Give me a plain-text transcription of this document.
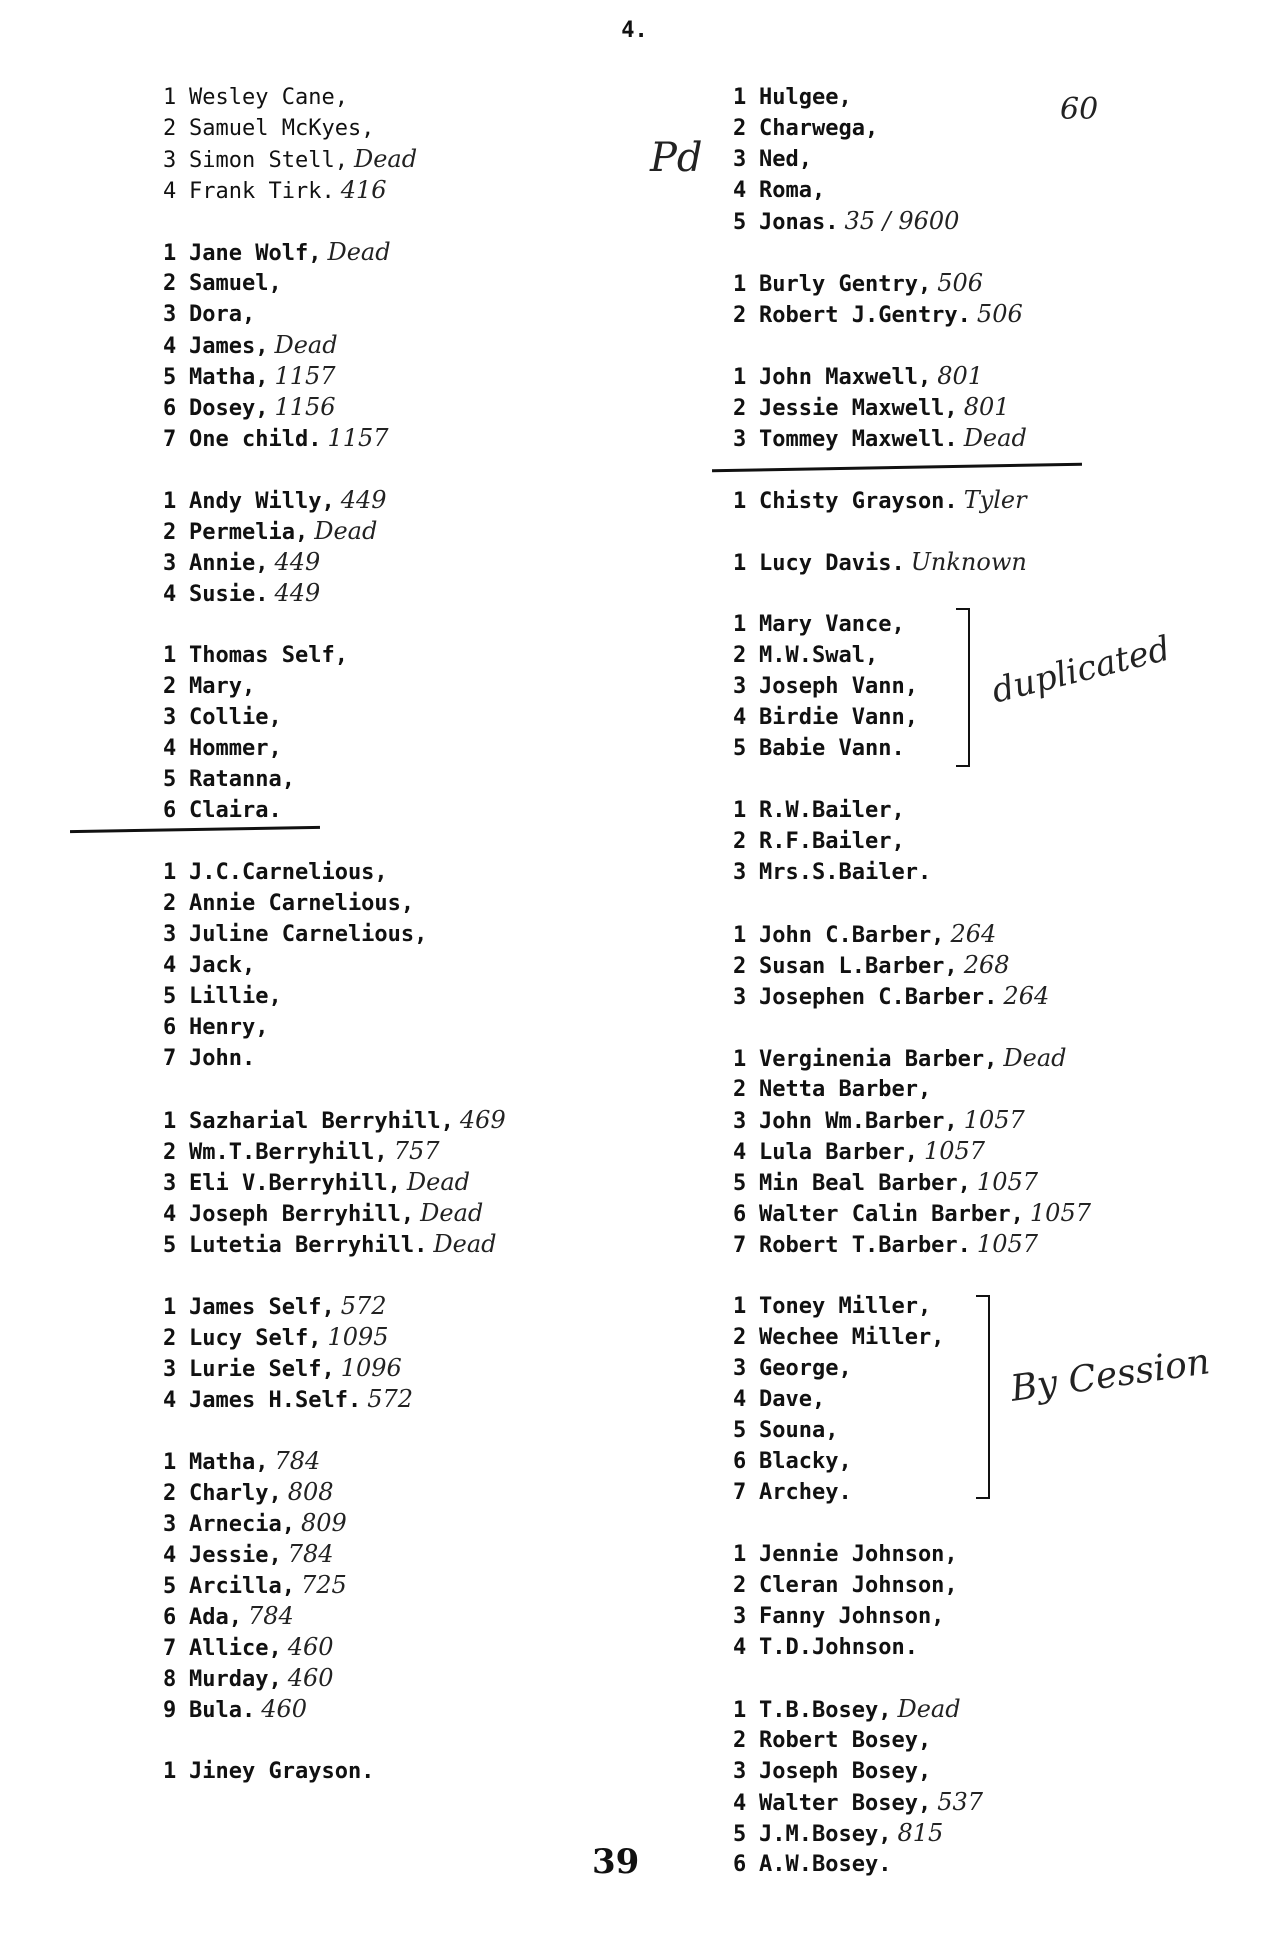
4.
60
Pd
duplicated
By Cession
1 Wesley Cane,
2 Samuel McKyes,
3 Simon Stell, Dead
4 Frank Tirk. 416
1 Jane Wolf, Dead
2 Samuel,
3 Dora,
4 James, Dead
5 Matha, 1157
6 Dosey, 1156
7 One child. 1157
1 Andy Willy, 449
2 Permelia, Dead
3 Annie, 449
4 Susie. 449
1 Thomas Self,
2 Mary,
3 Collie,
4 Hommer,
5 Ratanna,
6 Claira.
1 J.C.Carnelious,
2 Annie Carnelious,
3 Juline Carnelious,
4 Jack,
5 Lillie,
6 Henry,
7 John.
1 Sazharial Berryhill, 469
2 Wm.T.Berryhill, 757
3 Eli V.Berryhill, Dead
4 Joseph Berryhill, Dead
5 Lutetia Berryhill. Dead
1 James Self, 572
2 Lucy Self, 1095
3 Lurie Self, 1096
4 James H.Self. 572
1 Matha, 784
2 Charly, 808
3 Arnecia, 809
4 Jessie, 784
5 Arcilla, 725
6 Ada, 784
7 Allice, 460
8 Murday, 460
9 Bula. 460
1 Jiney Grayson.
1 Hulgee,
2 Charwega,
3 Ned,
4 Roma,
5 Jonas. 35 / 9600
1 Burly Gentry, 506
2 Robert J.Gentry. 506
1 John Maxwell, 801
2 Jessie Maxwell, 801
3 Tommey Maxwell. Dead
1 Chisty Grayson. Tyler
1 Lucy Davis. Unknown
1 Mary Vance,
2 M.W.Swal,
3 Joseph Vann,
4 Birdie Vann,
5 Babie Vann.
1 R.W.Bailer,
2 R.F.Bailer,
3 Mrs.S.Bailer.
1 John C.Barber, 264
2 Susan L.Barber, 268
3 Josephen C.Barber. 264
1 Verginenia Barber, Dead
2 Netta Barber,
3 John Wm.Barber, 1057
4 Lula Barber, 1057
5 Min Beal Barber, 1057
6 Walter Calin Barber, 1057
7 Robert T.Barber. 1057
1 Toney Miller,
2 Wechee Miller,
3 George,
4 Dave,
5 Souna,
6 Blacky,
7 Archey.
1 Jennie Johnson,
2 Cleran Johnson,
3 Fanny Johnson,
4 T.D.Johnson.
1 T.B.Bosey, Dead
2 Robert Bosey,
3 Joseph Bosey,
4 Walter Bosey, 537
5 J.M.Bosey, 815
6 A.W.Bosey.
39
